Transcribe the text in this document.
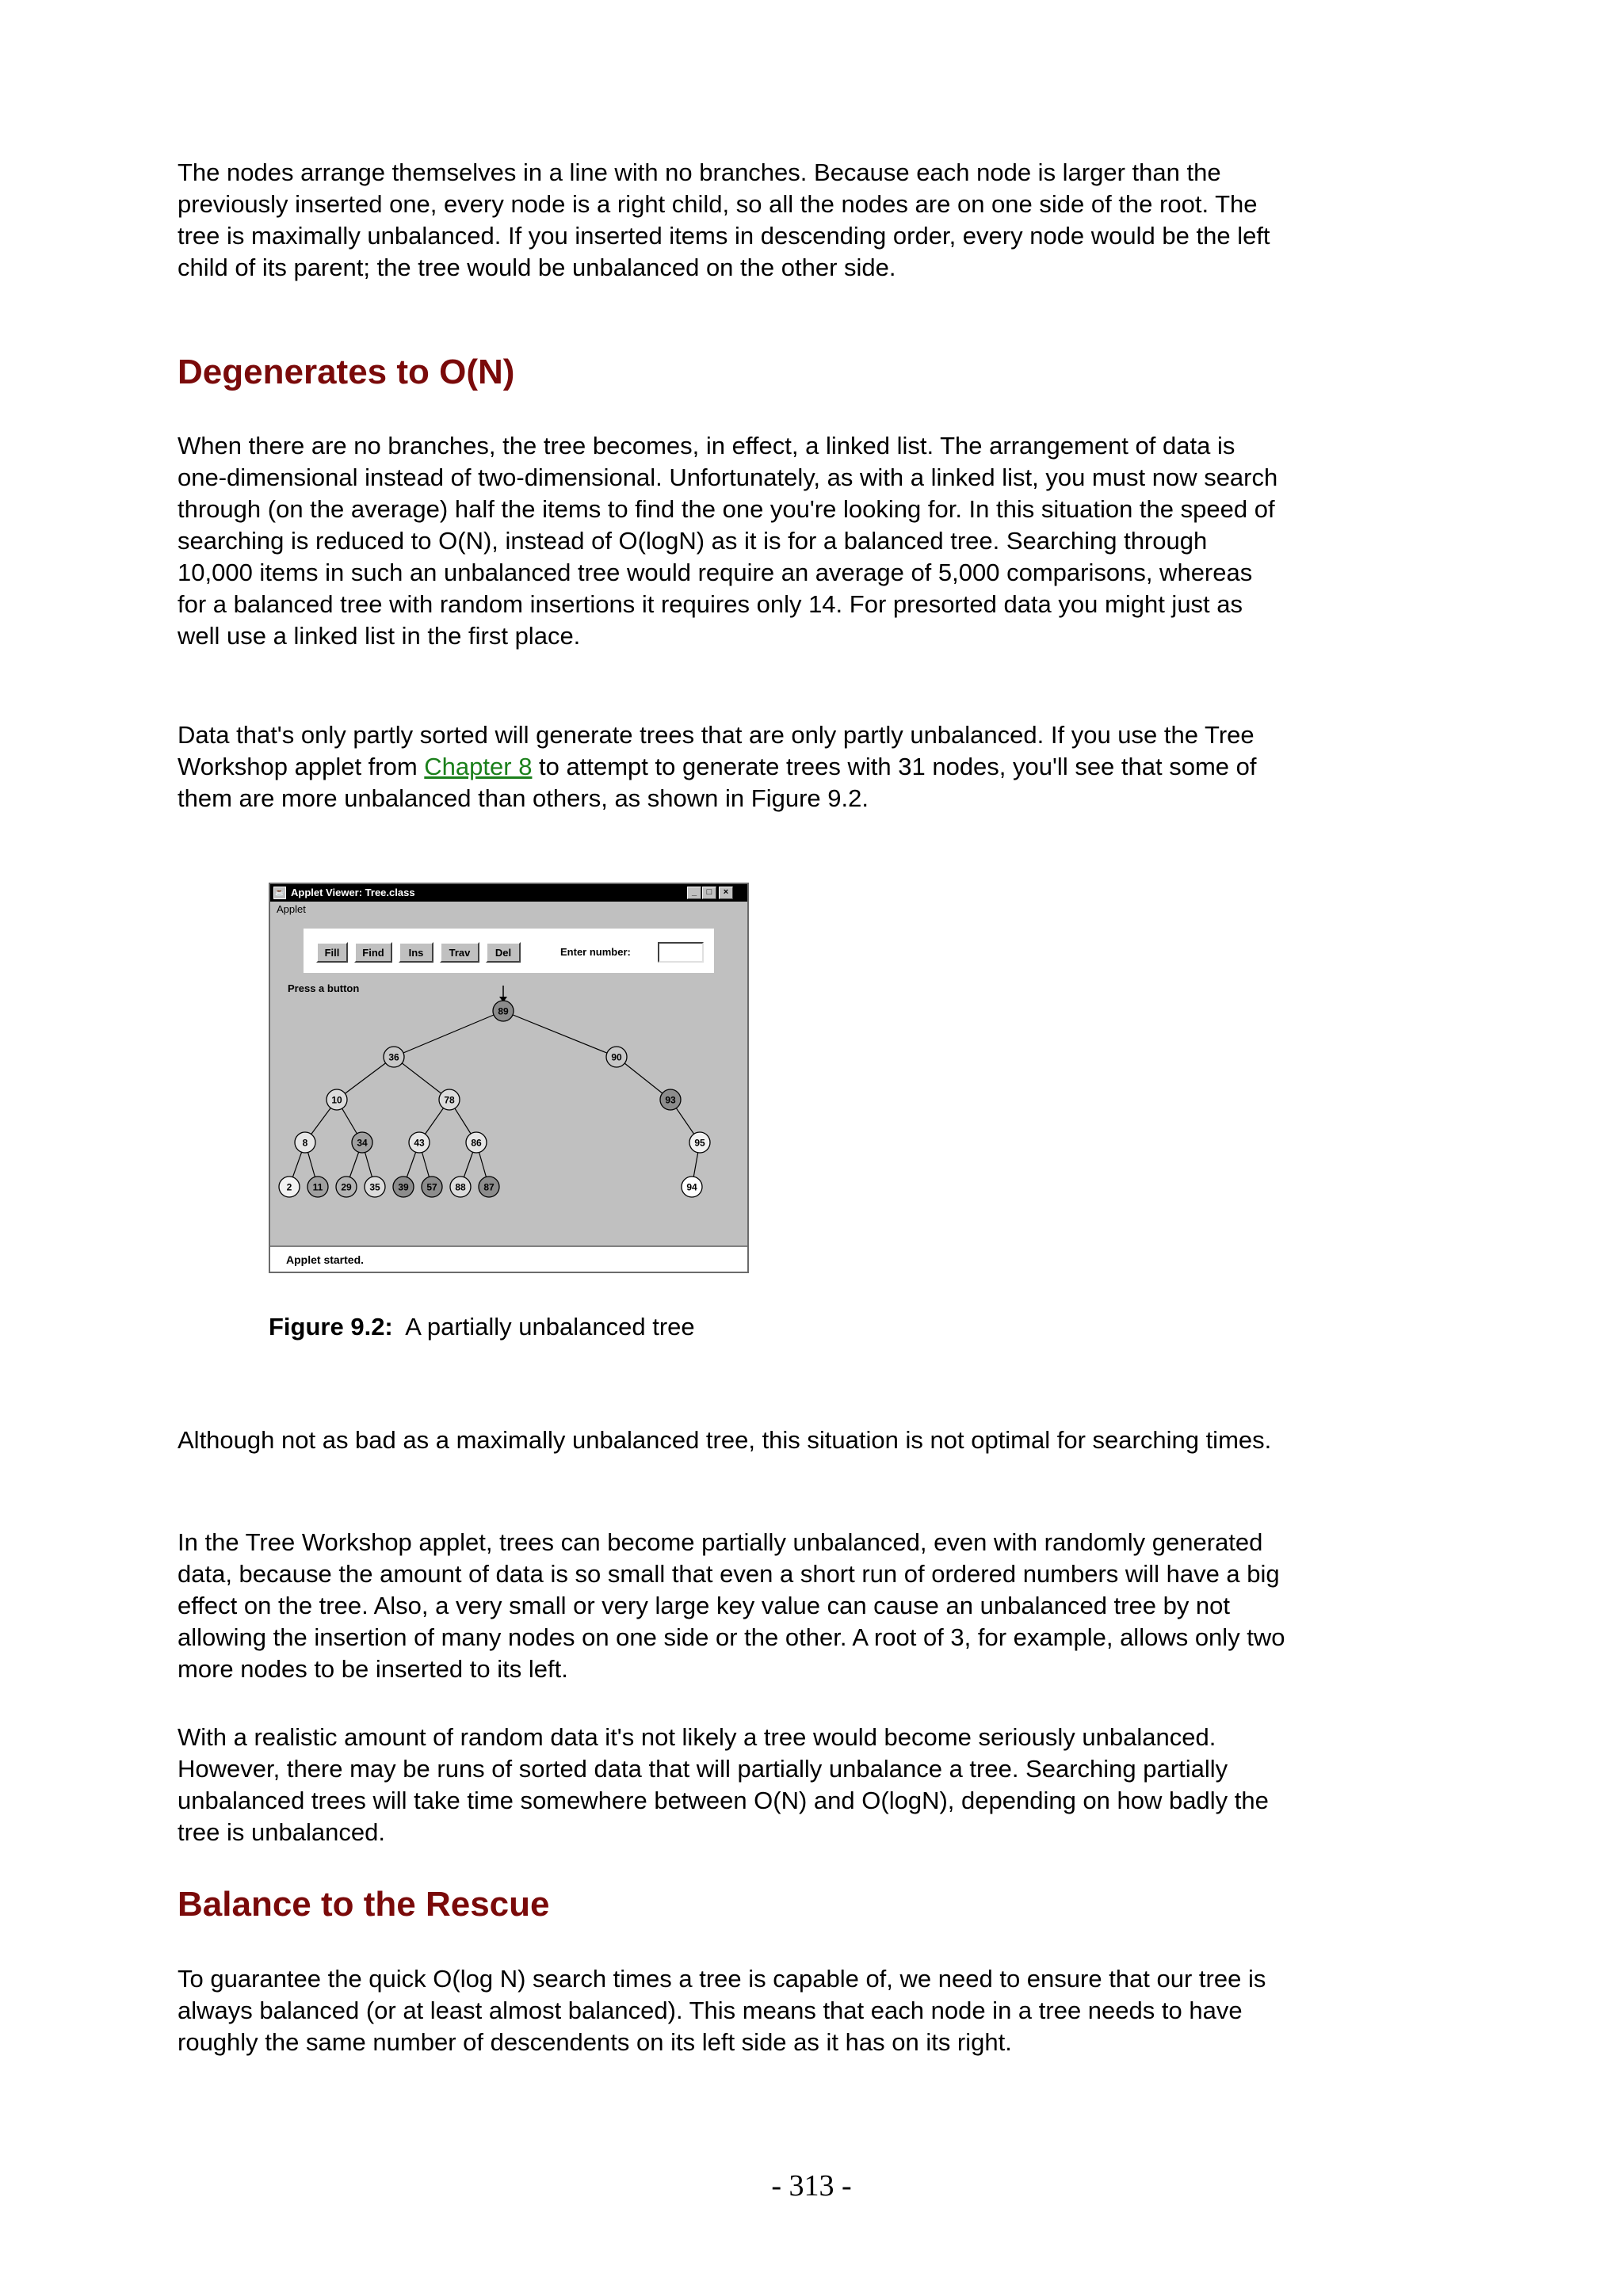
The nodes arrange themselves in a line with no branches. Because each node is larger than the previously inserted one, every node is a right child, so all the nodes are on one side of the root. The tree is maximally unbalanced. If you inserted items in descending order, every node would be the left child of its parent; the tree would be unbalanced on the other side.

Degenerates to O(N)

When there are no branches, the tree becomes, in effect, a linked list. The arrangement of data is one-dimensional instead of two-dimensional. Unfortunately, as with a linked list, you must now search through (on the average) half the items to find the one you're looking for. In this situation the speed of searching is reduced to O(N), instead of O(logN) as it is for a balanced tree. Searching through 10,000 items in such an unbalanced tree would require an average of 5,000 comparisons, whereas for a balanced tree with random insertions it requires only 14. For presorted data you might just as well use a linked list in the first place.

Data that's only partly sorted will generate trees that are only partly unbalanced. If you use the Tree Workshop applet from Chapter 8 to attempt to generate trees with 31 nodes, you'll see that some of them are more unbalanced than others, as shown in Figure 9.2.

☕ Applet Viewer: Tree.class	_	□	×
Applet
Fill	Find	Ins	Trav	Del	Enter number:
Press a button
89
36	90
10	78	93
8	34	43	86	95
2 11 29 35 39 57 88 87	94
Applet started.
Figure 9.2: A partially unbalanced tree

Although not as bad as a maximally unbalanced tree, this situation is not optimal for searching times.

In the Tree Workshop applet, trees can become partially unbalanced, even with randomly generated data, because the amount of data is so small that even a short run of ordered numbers will have a big effect on the tree. Also, a very small or very large key value can cause an unbalanced tree by not allowing the insertion of many nodes on one side or the other. A root of 3, for example, allows only two more nodes to be inserted to its left.

With a realistic amount of random data it's not likely a tree would become seriously unbalanced. However, there may be runs of sorted data that will partially unbalance a tree. Searching partially unbalanced trees will take time somewhere between O(N) and O(logN), depending on how badly the tree is unbalanced.

Balance to the Rescue

To guarantee the quick O(log N) search times a tree is capable of, we need to ensure that our tree is always balanced (or at least almost balanced). This means that each node in a tree needs to have roughly the same number of descendents on its left side as it has on its right.

- 313 -
